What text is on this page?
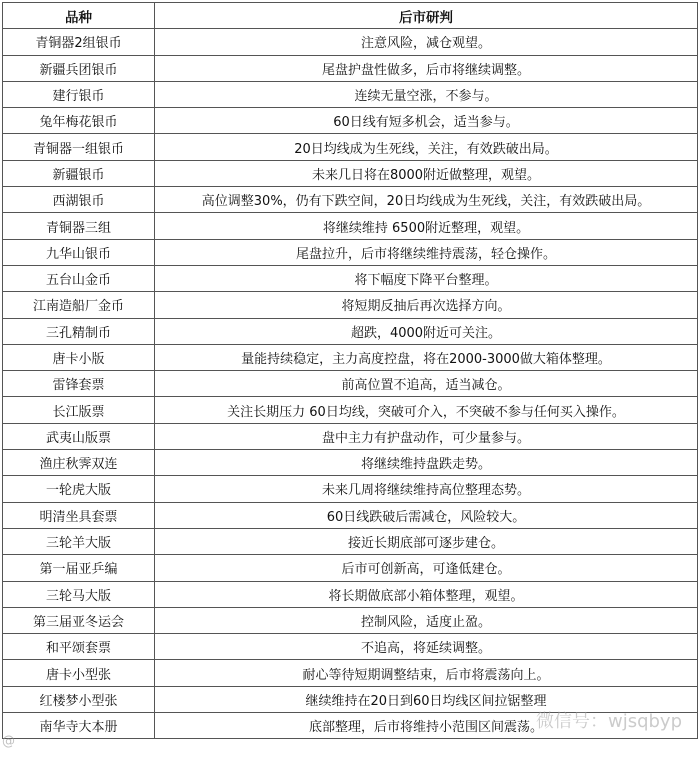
品种	后市研判
青铜器2组银币	注意风险，减仓观望。
新疆兵团银币	尾盘护盘性做多，后市将继续调整。
建行银币	连续无量空涨，不参与。
兔年梅花银币	60日线有短多机会，适当参与。
青铜器一组银币	20日均线成为生死线，关注，有效跌破出局。
新疆银币	未来几日将在8000附近做整理，观望。
西湖银币	高位调整30%，仍有下跌空间，20日均线成为生死线，关注，有效跌破出局。
青铜器三组	将继续维持 6500附近整理，观望。
九华山银币	尾盘拉升，后市将继续维持震荡，轻仓操作。
五台山金币	将下幅度下降平台整理。
江南造船厂金币	将短期反抽后再次选择方向。
三孔精制币	超跌，4000附近可关注。
唐卡小版	量能持续稳定，主力高度控盘，将在2000-3000做大箱体整理。
雷锋套票	前高位置不追高，适当减仓。
长江版票	关注长期压力 60日均线，突破可介入，不突破不参与任何买入操作。
武夷山版票	盘中主力有护盘动作，可少量参与。
渔庄秋霁双连	将继续维持盘跌走势。
一轮虎大版	未来几周将继续维持高位整理态势。
明清坐具套票	60日线跌破后需减仓，风险较大。
三轮羊大版	接近长期底部可逐步建仓。
第一届亚乒编	后市可创新高，可逢低建仓。
三轮马大版	将长期做底部小箱体整理，观望。
第三届亚冬运会	控制风险，适度止盈。
和平颂套票	不追高，将延续调整。
唐卡小型张	耐心等待短期调整结束，后市将震荡向上。
红楼梦小型张	继续维持在20日到60日均线区间拉锯整理
南华寺大本册	底部整理，后市将维持小范围区间震荡。
@
微信号：wjsqbyp
